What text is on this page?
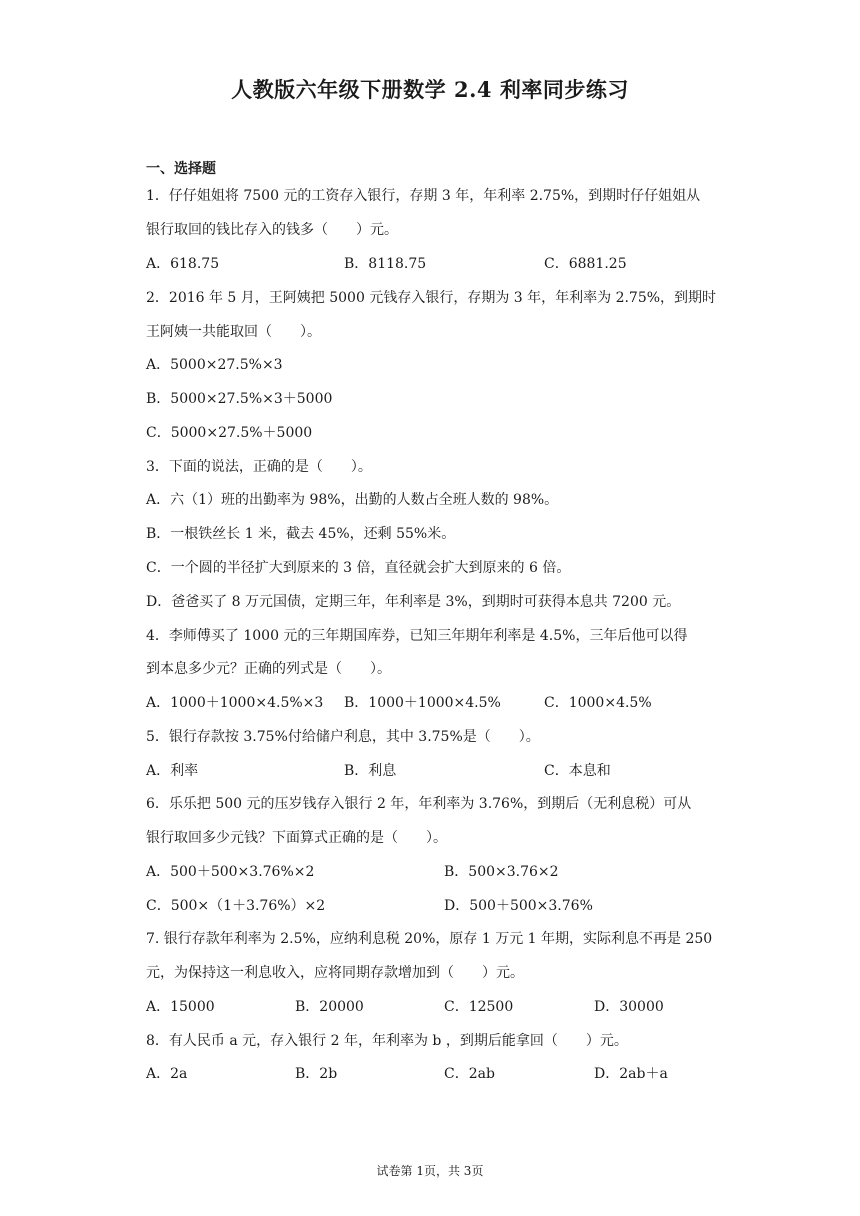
人教版六年级下册数学 2.4 利率同步练习
一、选择题
1．仔仔姐姐将 7500 元的工资存入银行，存期 3 年，年利率 2.75%，到期时仔仔姐姐从
银行取回的钱比存入的钱多（　　）元。
A．618.75	B．8118.75	C．6881.25
2．2016 年 5 月，王阿姨把 5000 元钱存入银行，存期为 3 年，年利率为 2.75%，到期时
王阿姨一共能取回（　　）。
A．5000×27.5%×3
B．5000×27.5%×3＋5000
C．5000×27.5%＋5000
3．下面的说法，正确的是（　　）。
A．六（1）班的出勤率为 98%，出勤的人数占全班人数的 98%。
B．一根铁丝长 1 米，截去 45%，还剩 55%米。
C．一个圆的半径扩大到原来的 3 倍，直径就会扩大到原来的 6 倍。
D．爸爸买了 8 万元国债，定期三年，年利率是 3%，到期时可获得本息共 7200 元。
4．李师傅买了 1000 元的三年期国库券，已知三年期年利率是 4.5%，三年后他可以得
到本息多少元？正确的列式是（　　）。
A．1000＋1000×4.5%×3 B．1000＋1000×4.5%	C．1000×4.5%
5．银行存款按 3.75%付给储户利息，其中 3.75%是（　　）。
A．利率	B．利息	C．本息和
6．乐乐把 500 元的压岁钱存入银行 2 年，年利率为 3.76%，到期后（无利息税）可从
银行取回多少元钱？下面算式正确的是（　　）。
A．500＋500×3.76%×2	B．500×3.76×2
C．500×（1＋3.76%）×2	D．500＋500×3.76%
7. 银行存款年利率为 2.5%，应纳利息税 20%，原存 1 万元 1 年期，实际利息不再是 250
元，为保持这一利息收入，应将同期存款增加到（　　）元。
A．15000	B．20000	C．12500	D．30000
8．有人民币 a 元，存入银行 2 年，年利率为 b ，到期后能拿回（　　）元。
A．2a	B．2b	C．2ab	D．2ab＋a
试卷第 1页，共 3页
